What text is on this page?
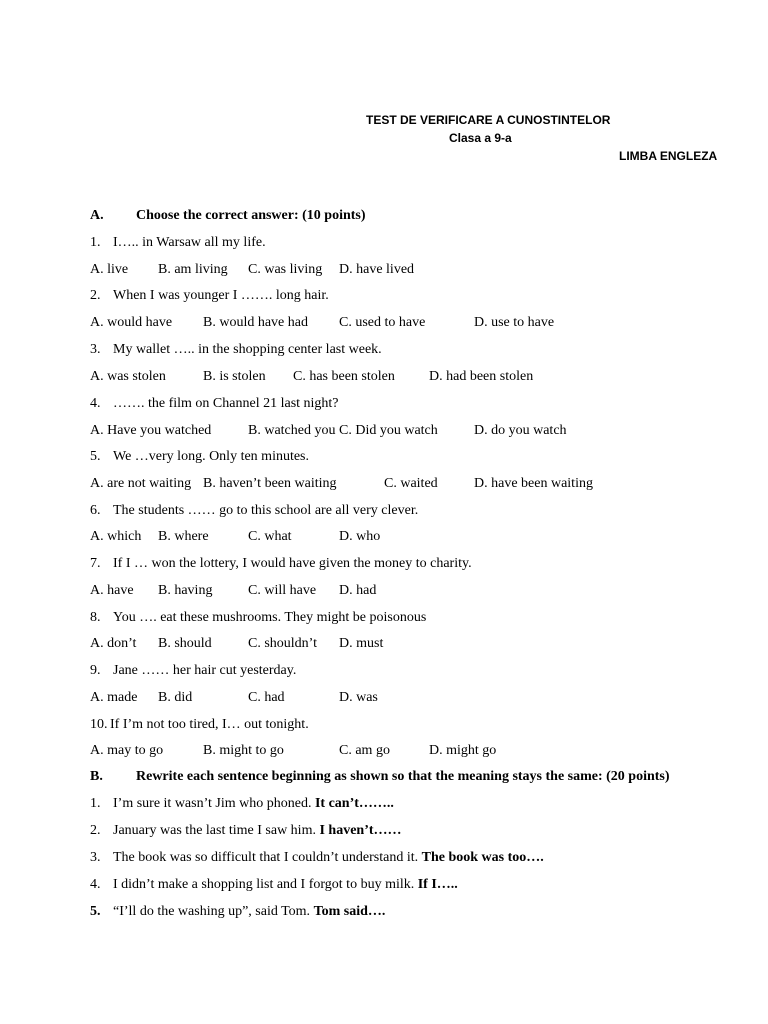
TEST DE VERIFICARE A CUNOSTINTELOR
Clasa a 9-a
LIMBA ENGLEZA
A. Choose the correct answer: (10 points)
B. Rewrite each sentence beginning as shown so that the meaning stays the same: (20 points)
1. I….. in Warsaw all my life.
A. live B. am living C. was living D. have lived
2. When I was younger I ……. long hair.
A. would have B. would have had C. used to have	D. use to have
3. My wallet ….. in the shopping center last week.
A. was stolen	B. is stolen C. has been stolen D. had been stolen
4. ……. the film on Channel 21 last night?
A. Have you watched	B. watched you C. Did you watch	D. do you watch
5. We …very long. Only ten minutes.
A. are not waiting B. haven’t been waiting	C. waited	D. have been waiting
6. The students …… go to this school are all very clever.
A. which B. where	C. what	D. who
7. If I … won the lottery, I would have given the money to charity.
A. have B. having	C. will have D. had
8. You …. eat these mushrooms. They might be poisonous
A. don’t B. should	C. shouldn’t D. must
9. Jane …… her hair cut yesterday.
A. made B. did	C. had	D. was
10. If I’m not too tired, I… out tonight.
A. may to go	B. might to go	C. am go	D. might go
1. I’m sure it wasn’t Jim who phoned. It can’t……..
2. January was the last time I saw him. I haven’t……
3. The book was so difficult that I couldn’t understand it. The book was too….
4. I didn’t make a shopping list and I forgot to buy milk. If I…..
5. “I’ll do the washing up”, said Tom. Tom said….
